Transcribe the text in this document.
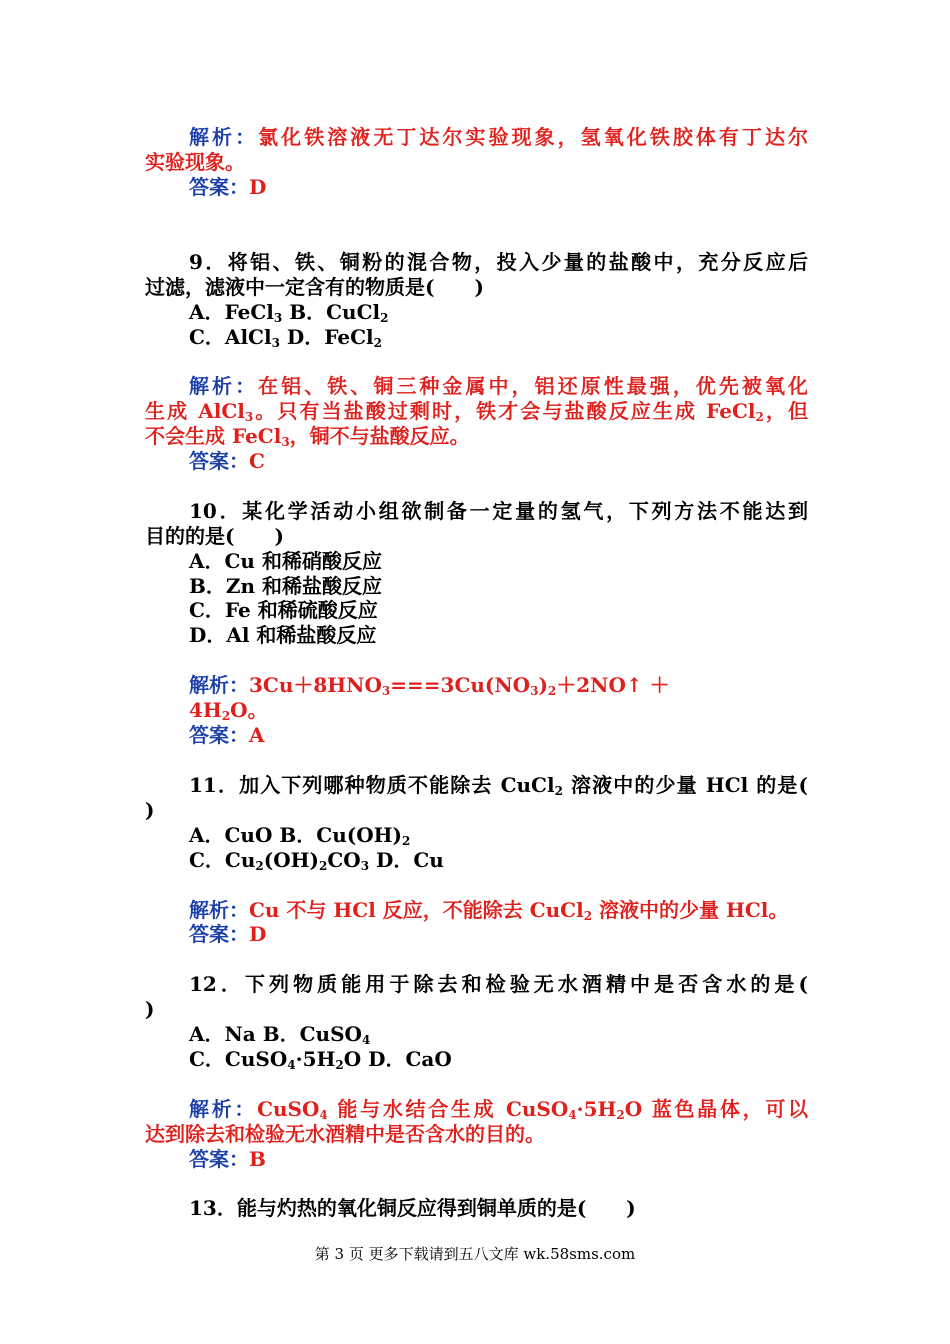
解析：氯化铁溶液无丁达尔实验现象，氢氧化铁胶体有丁达尔
实验现象。
答案：D
9．将铝、铁、铜粉的混合物，投入少量的盐酸中，充分反应后
过滤，滤液中一定含有的物质是(　　)
A．FeCl$_3$ B．CuCl$_2$
C．AlCl$_3$ D．FeCl$_2$
解析：在铝、铁、铜三种金属中，铝还原性最强，优先被氧化
生成 AlCl$_3$。只有当盐酸过剩时，铁才会与盐酸反应生成 FeCl$_2$，但
不会生成 FeCl$_3$，铜不与盐酸反应。
答案：C
10．某化学活动小组欲制备一定量的氢气，下列方法不能达到
目的的是(　　)
A．Cu 和稀硝酸反应
B．Zn 和稀盐酸反应
C．Fe 和稀硫酸反应
D．Al 和稀盐酸反应
解析：$3Cu+8HNO_3===3Cu(NO_3)_2+2NO↑$ ＋
$4H_2O$。
答案：A
11．加入下列哪种物质不能除去 CuCl$_2$ 溶液中的少量 HCl 的是(
)
A．CuO B．$Cu(OH)_2$
C．$Cu_2(OH)_2CO_3$ D．Cu
解析：Cu 不与 HCl 反应，不能除去 CuCl$_2$ 溶液中的少量 HCl。
答案：D
12．下列物质能用于除去和检验无水酒精中是否含水的是(
)
A．Na B．CuSO$_4$
C．$CuSO_4\cdot 5H_2O$ D．CaO
解析：CuSO$_4$ 能与水结合生成 $CuSO_4\cdot 5H_2O$ 蓝色晶体，可以
达到除去和检验无水酒精中是否含水的目的。
答案：B
13．能与灼热的氧化铜反应得到铜单质的是(　　)
第 3 页 更多下载请到五八文库 wk.58sms.com
